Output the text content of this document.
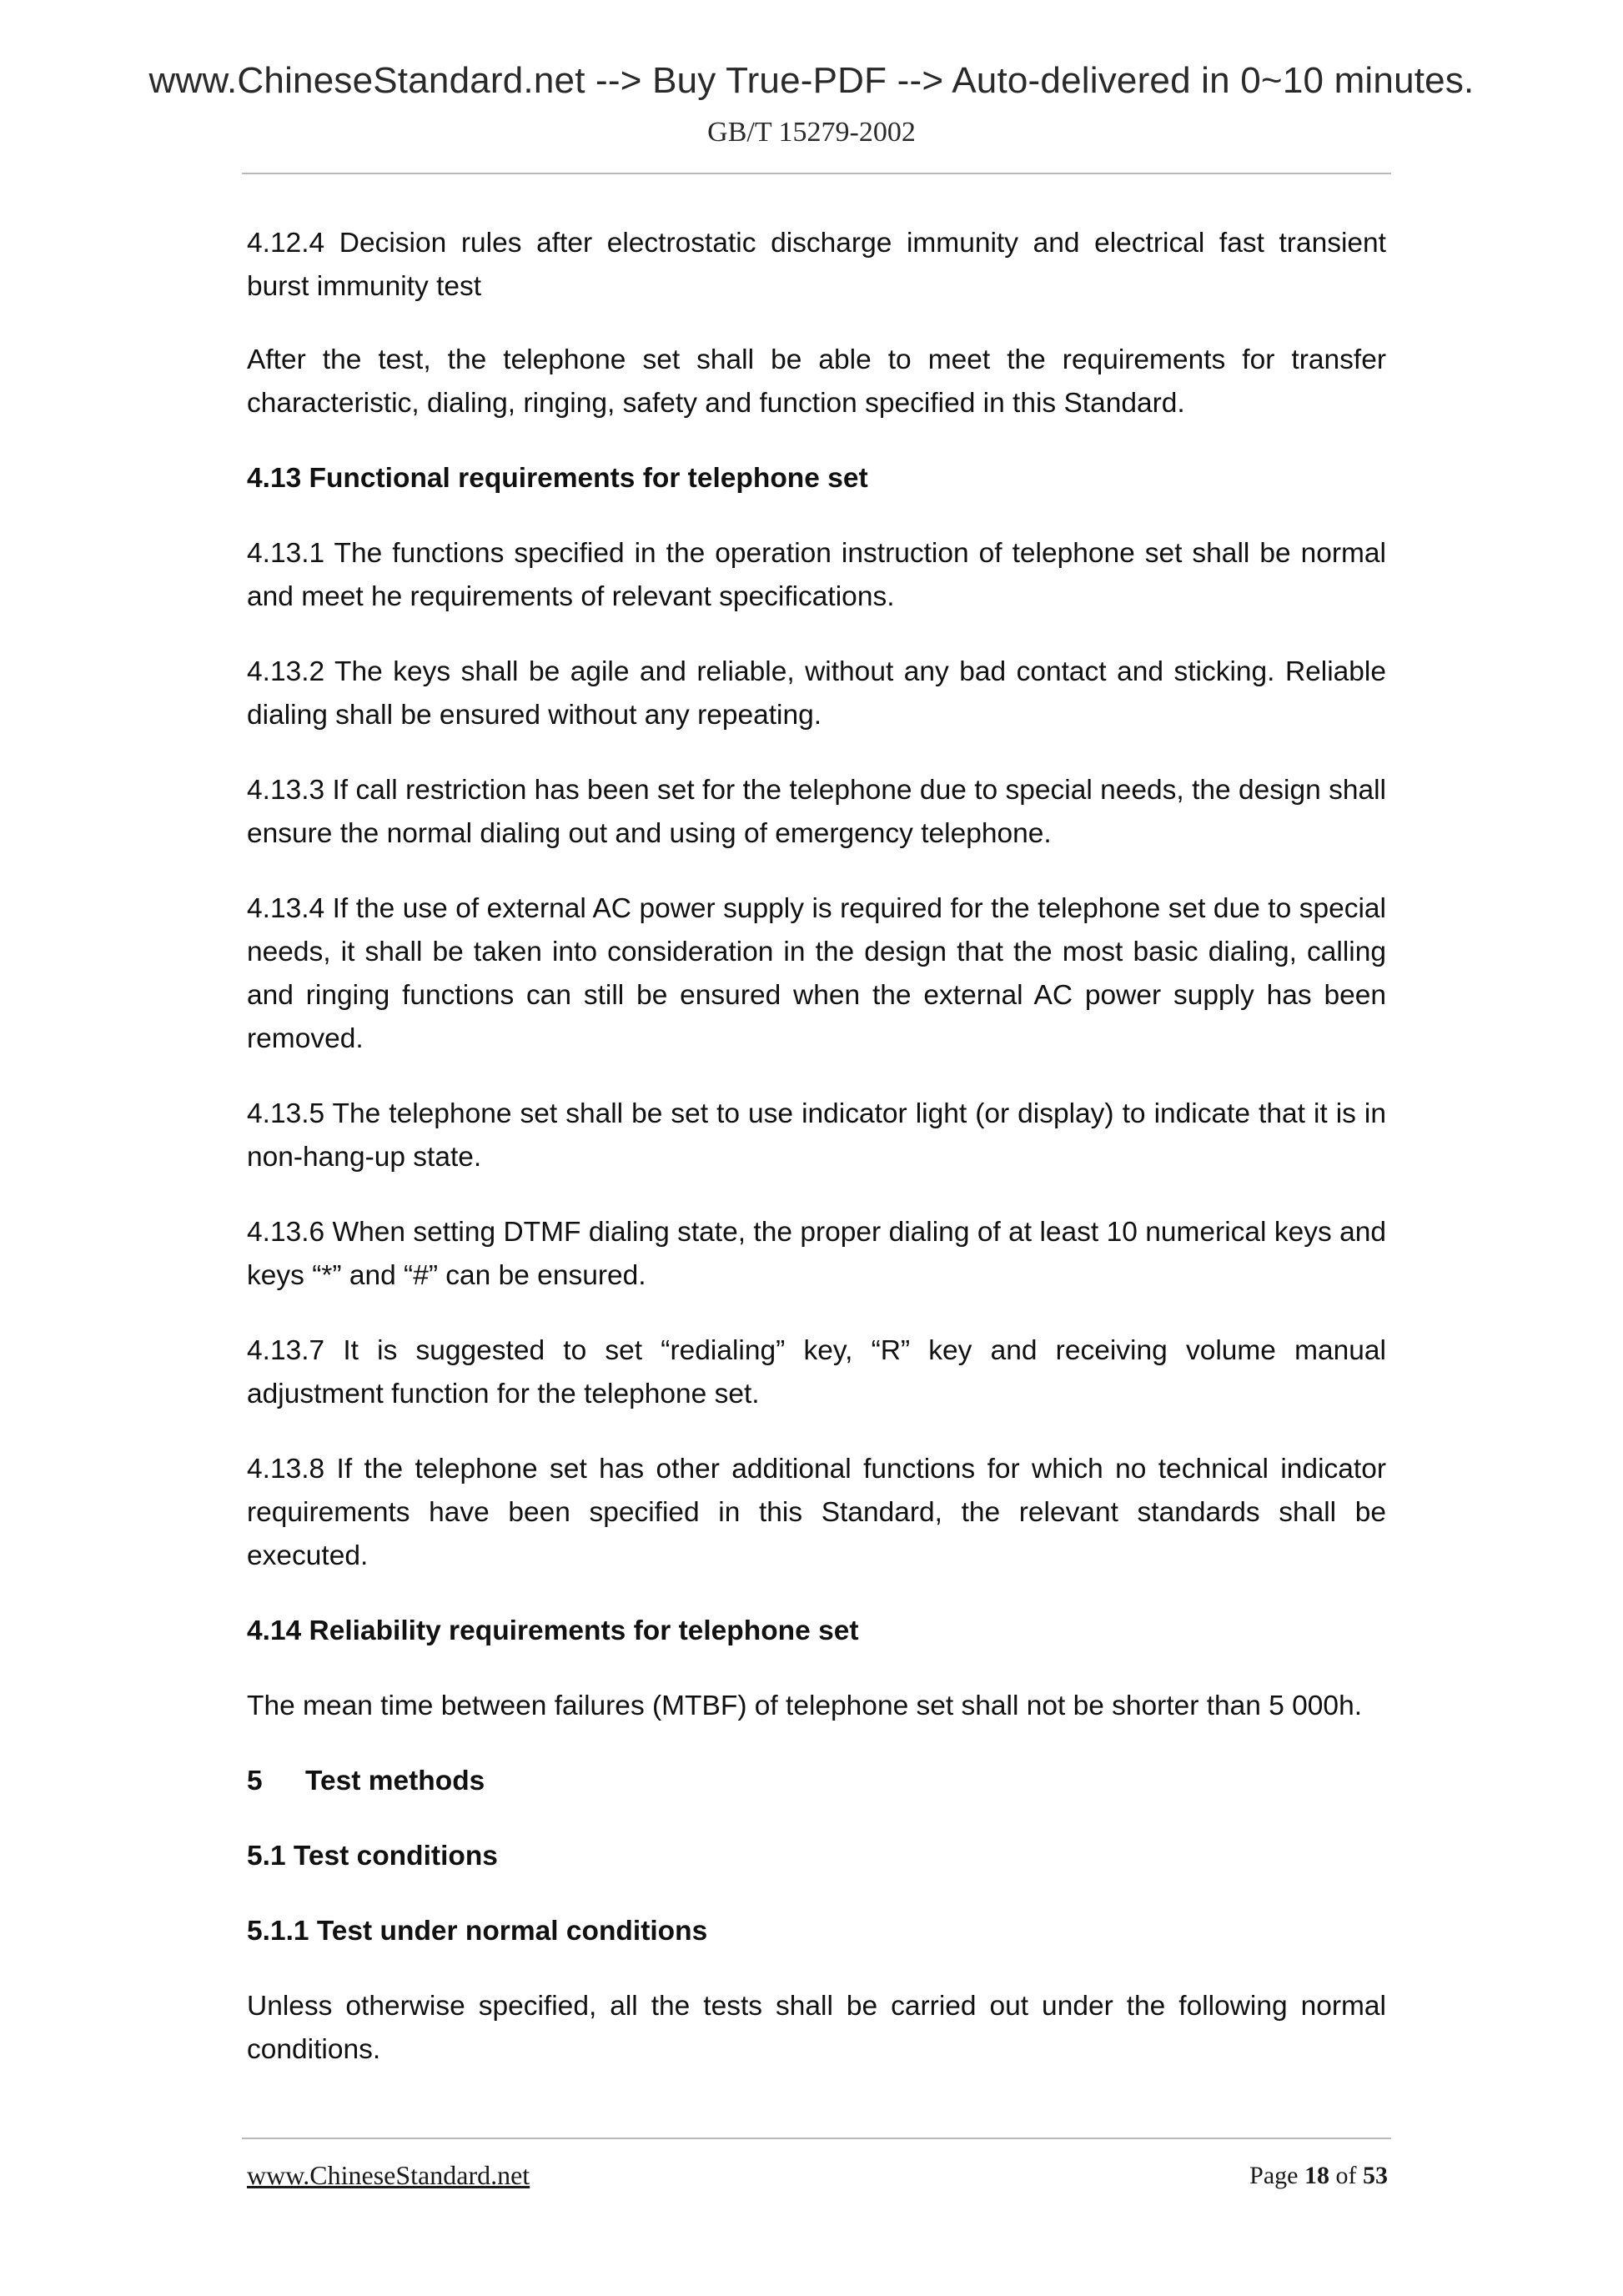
www.ChineseStandard.net --> Buy True-PDF --> Auto-delivered in 0~10 minutes.
GB/T 15279-2002

4.12.4 Decision rules after electrostatic discharge immunity and electrical fast transient burst immunity test

After the test, the telephone set shall be able to meet the requirements for transfer characteristic, dialing, ringing, safety and function specified in this Standard.

4.13 Functional requirements for telephone set

4.13.1 The functions specified in the operation instruction of telephone set shall be normal and meet he requirements of relevant specifications.

4.13.2 The keys shall be agile and reliable, without any bad contact and sticking. Reliable dialing shall be ensured without any repeating.

4.13.3 If call restriction has been set for the telephone due to special needs, the design shall ensure the normal dialing out and using of emergency telephone.

4.13.4 If the use of external AC power supply is required for the telephone set due to special needs, it shall be taken into consideration in the design that the most basic dialing, calling and ringing functions can still be ensured when the external AC power supply has been removed.

4.13.5 The telephone set shall be set to use indicator light (or display) to indicate that it is in non-hang-up state.

4.13.6 When setting DTMF dialing state, the proper dialing of at least 10 numerical keys and keys “*” and “#” can be ensured.

4.13.7 It is suggested to set “redialing” key, “R” key and receiving volume manual adjustment function for the telephone set.

4.13.8 If the telephone set has other additional functions for which no technical indicator requirements have been specified in this Standard, the relevant standards shall be executed.

4.14 Reliability requirements for telephone set

The mean time between failures (MTBF) of telephone set shall not be shorter than 5 000h.

5 Test methods
5.1 Test conditions
5.1.1 Test under normal conditions

Unless otherwise specified, all the tests shall be carried out under the following normal conditions.

www.ChineseStandard.net	Page 18 of 53
